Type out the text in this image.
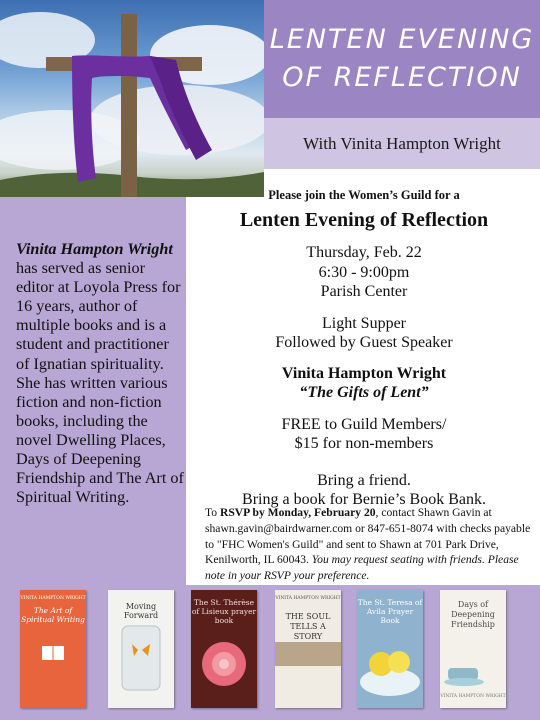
LENTEN EVENING
OF REFLECTION
With Vinita Hampton Wright
Vinita Hampton Wright has served as senior editor at Loyola Press for 16 years, author of multiple books and is a student and practitioner of Ignatian spirituality. She has written various fiction and non-fiction books, including the novel Dwelling Places, Days of Deepening Friendship and The Art of Spiritual Writing.
Please join the Women’s Guild for a
Lenten Evening of Reflection
Thursday, Feb. 22
6:30 - 9:00pm
Parish Center
Light Supper
Followed by Guest Speaker
Vinita Hampton Wright
“The Gifts of Lent”
FREE to Guild Members/
$15 for non-members
Bring a friend.
Bring a book for Bernie’s Book Bank.
To RSVP by Monday, February 20, contact Shawn Gavin at shawn.gavin@bairdwarner.com or 847-651-8074 with checks payable to "FHC Women's Guild" and sent to Shawn at 701 Park Drive, Kenilworth, IL 60043. You may request seating with friends. Please note in your RSVP your preference.
VINITA HAMPTON WRIGHT
The Art of Spiritual Writing
Moving Forward
The St. Thérèse of Lisieux prayer book
VINITA HAMPTON WRIGHT
THE SOUL TELLS A STORY
The St. Teresa of Avila Prayer Book
Days of Deepening Friendship
VINITA HAMPTON WRIGHT
